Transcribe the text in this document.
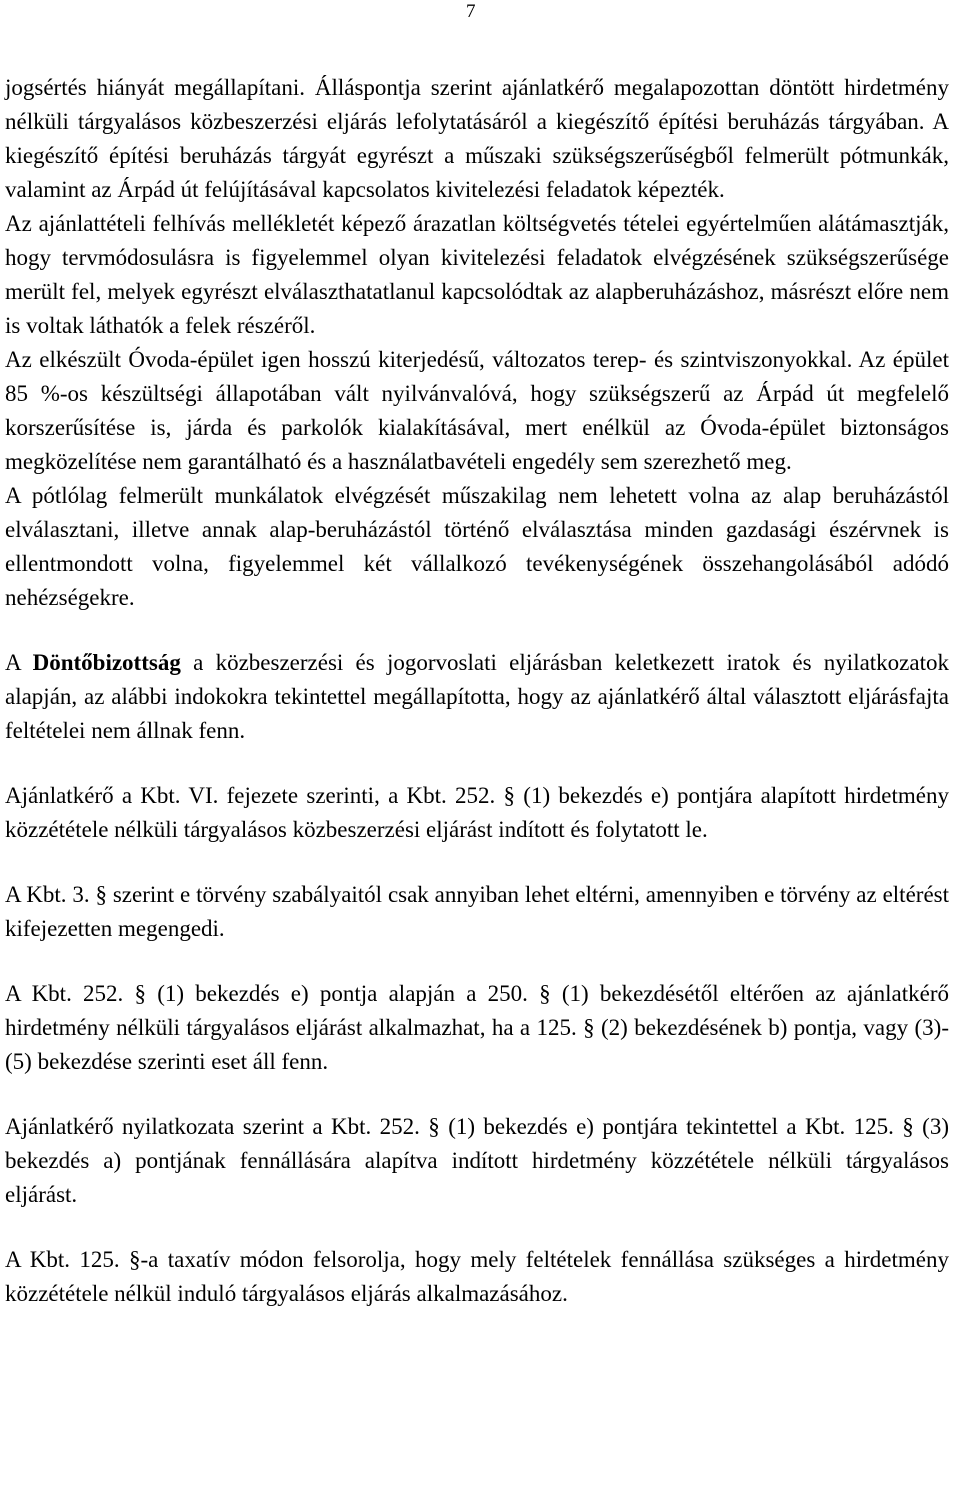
7

jogsértés hiányát megállapítani. Álláspontja szerint ajánlatkérő megalapozottan döntött hirdetmény nélküli tárgyalásos közbeszerzési eljárás lefolytatásáról a kiegészítő építési beruházás tárgyában. A kiegészítő építési beruházás tárgyát egyrészt a műszaki szükségszerűségből felmerült pótmunkák, valamint az Árpád út felújításával kapcsolatos kivitelezési feladatok képezték.

Az ajánlattételi felhívás mellékletét képező árazatlan költségvetés tételei egyértelműen alátámasztják, hogy tervmódosulásra is figyelemmel olyan kivitelezési feladatok elvégzésének szükségszerűsége merült fel, melyek egyrészt elválaszthatatlanul kapcsolódtak az alapberuházáshoz, másrészt előre nem is voltak láthatók a felek részéről.

Az elkészült Óvoda-épület igen hosszú kiterjedésű, változatos terep- és szintviszonyokkal. Az épület 85 %-os készültségi állapotában vált nyilvánvalóvá, hogy szükségszerű az Árpád út megfelelő korszerűsítése is, járda és parkolók kialakításával, mert enélkül az Óvoda-épület biztonságos megközelítése nem garantálható és a használatbavételi engedély sem szerezhető meg.

A pótlólag felmerült munkálatok elvégzését műszakilag nem lehetett volna az alap beruházástól elválasztani, illetve annak alap-beruházástól történő elválasztása minden gazdasági észérvnek is ellentmondott volna, figyelemmel két vállalkozó tevékenységének összehangolásából adódó nehézségekre.

A Döntőbizottság a közbeszerzési és jogorvoslati eljárásban keletkezett iratok és nyilatkozatok alapján, az alábbi indokokra tekintettel megállapította, hogy az ajánlatkérő által választott eljárásfajta feltételei nem állnak fenn.

Ajánlatkérő a Kbt. VI. fejezete szerinti, a Kbt. 252. § (1) bekezdés e) pontjára alapított hirdetmény közzététele nélküli tárgyalásos közbeszerzési eljárást indított és folytatott le.

A Kbt. 3. § szerint e törvény szabályaitól csak annyiban lehet eltérni, amennyiben e törvény az eltérést kifejezetten megengedi.

A Kbt. 252. § (1) bekezdés e) pontja alapján a 250. § (1) bekezdésétől eltérően az ajánlatkérő hirdetmény nélküli tárgyalásos eljárást alkalmazhat, ha a 125. § (2) bekezdésének b) pontja, vagy (3)-(5) bekezdése szerinti eset áll fenn.

Ajánlatkérő nyilatkozata szerint a Kbt. 252. § (1) bekezdés e) pontjára tekintettel a Kbt. 125. § (3) bekezdés a) pontjának fennállására alapítva indított hirdetmény közzététele nélküli tárgyalásos eljárást.

A Kbt. 125. §-a taxatív módon felsorolja, hogy mely feltételek fennállása szükséges a hirdetmény közzététele nélkül induló tárgyalásos eljárás alkalmazásához.
